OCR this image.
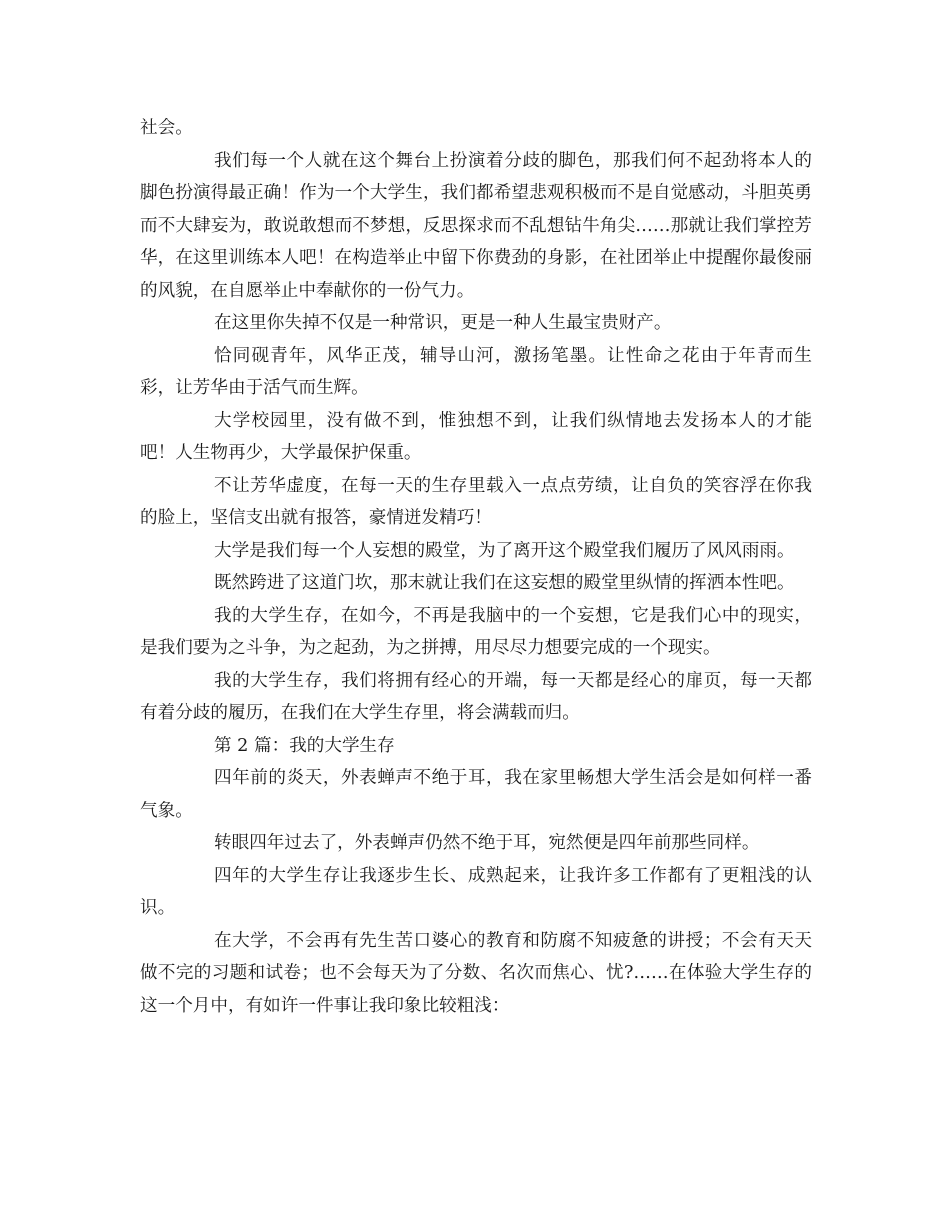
社会。

我们每一个人就在这个舞台上扮演着分歧的脚色，那我们何不起劲将本人的脚色扮演得最正确！作为一个大学生，我们都希望悲观积极而不是自觉感动，斗胆英勇而不大肆妄为，敢说敢想而不梦想，反思探求而不乱想钻牛角尖……那就让我们掌控芳华，在这里训练本人吧！在构造举止中留下你费劲的身影，在社团举止中提醒你最俊丽的风貌，在自愿举止中奉献你的一份气力。

在这里你失掉不仅是一种常识，更是一种人生最宝贵财产。

恰同砚青年，风华正茂，辅导山河，激扬笔墨。让性命之花由于年青而生彩，让芳华由于活气而生辉。

大学校园里，没有做不到，惟独想不到，让我们纵情地去发扬本人的才能吧！人生物再少，大学最保护保重。

不让芳华虚度，在每一天的生存里载入一点点劳绩，让自负的笑容浮在你我的脸上，坚信支出就有报答，豪情迸发精巧！

大学是我们每一个人妄想的殿堂，为了离开这个殿堂我们履历了风风雨雨。

既然跨进了这道门坎，那末就让我们在这妄想的殿堂里纵情的挥洒本性吧。

我的大学生存，在如今，不再是我脑中的一个妄想，它是我们心中的现实，是我们要为之斗争，为之起劲，为之拼搏，用尽尽力想要完成的一个现实。

我的大学生存，我们将拥有经心的开端，每一天都是经心的扉页，每一天都有着分歧的履历，在我们在大学生存里，将会满载而归。

第 2 篇：我的大学生存

四年前的炎天，外表蝉声不绝于耳，我在家里畅想大学生活会是如何样一番气象。

转眼四年过去了，外表蝉声仍然不绝于耳，宛然便是四年前那些同样。

四年的大学生存让我逐步生长、成熟起来，让我许多工作都有了更粗浅的认识。

在大学，不会再有先生苦口婆心的教育和防腐不知疲惫的讲授；不会有天天做不完的习题和试卷；也不会每天为了分数、名次而焦心、忧?……在体验大学生存的这一个月中，有如许一件事让我印象比较粗浅：
